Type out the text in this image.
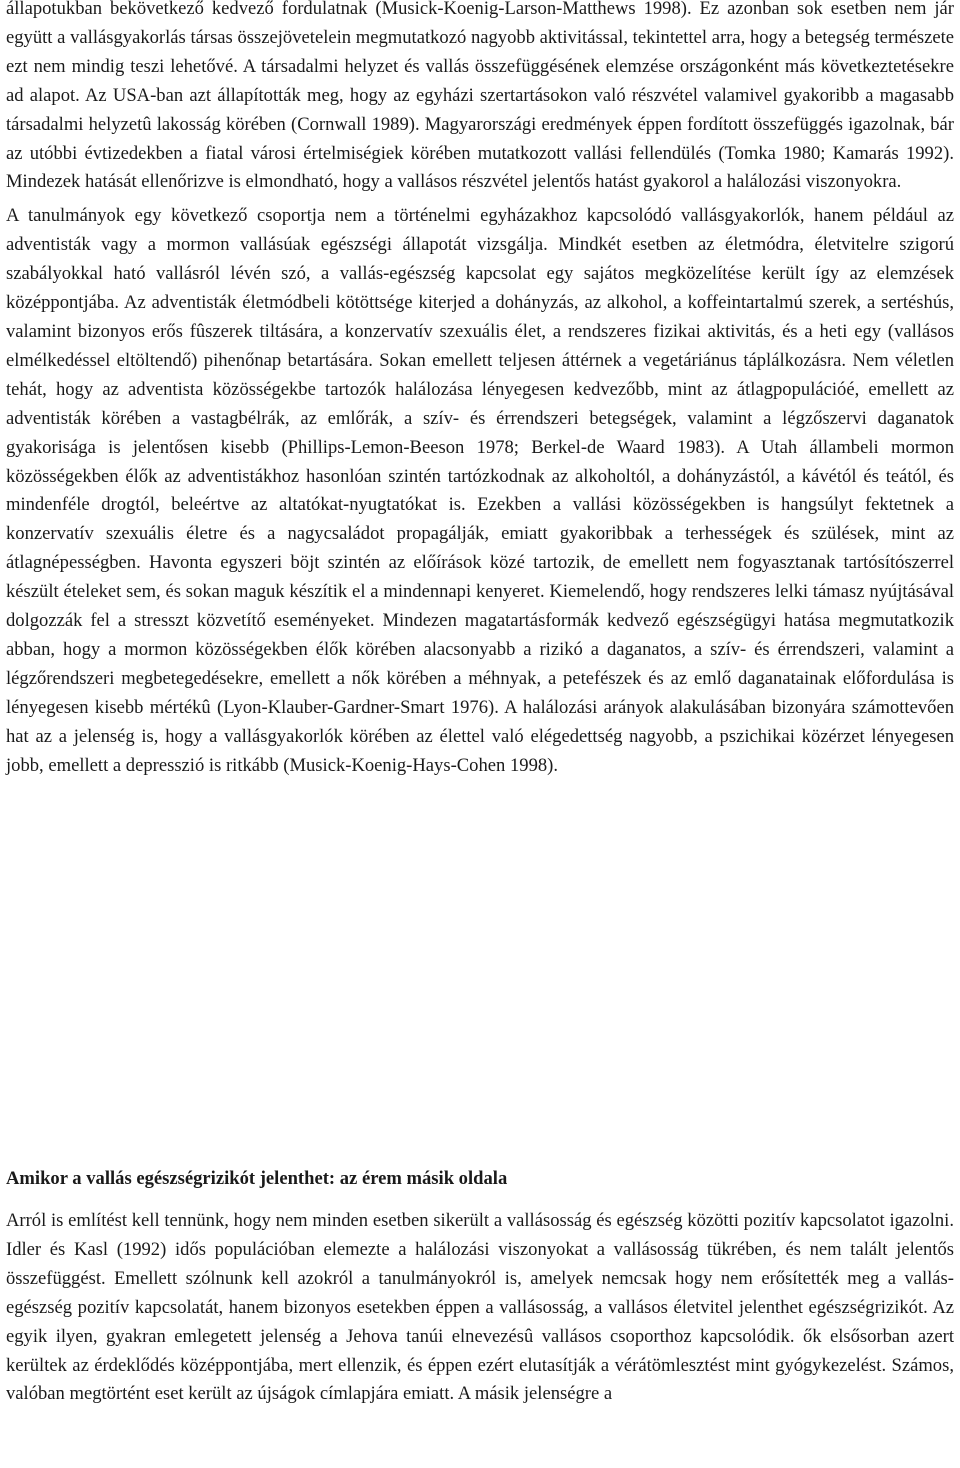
állapotukban bekövetkező kedvező fordulatnak (Musick-Koenig-Larson-Matthews 1998). Ez azonban sok esetben nem jár együtt a vallásgyakorlás társas összejövetelein megmutatkozó nagyobb aktivitással, tekintettel arra, hogy a betegség természete ezt nem mindig teszi lehetővé. A társadalmi helyzet és vallás összefüggésének elemzése országonként más következtetésekre ad alapot. Az USA-ban azt állapították meg, hogy az egyházi szertartásokon való részvétel valamivel gyakoribb a magasabb társadalmi helyzetû lakosság körében (Cornwall 1989). Magyarországi eredmények éppen fordított összefüggés igazolnak, bár az utóbbi évtizedekben a fiatal városi értelmiségiek körében mutatkozott vallási fellendülés (Tomka 1980; Kamarás 1992). Mindezek hatását ellenőrizve is elmondható, hogy a vallásos részvétel jelentős hatást gyakorol a halálozási viszonyokra.

A tanulmányok egy következő csoportja nem a történelmi egyházakhoz kapcsolódó vallásgyakorlók, hanem például az adventisták vagy a mormon vallásúak egészségi állapotát vizsgálja. Mindkét esetben az életmódra, életvitelre szigorú szabályokkal ható vallásról lévén szó, a vallás-egészség kapcsolat egy sajátos megközelítése került így az elemzések középpontjába. Az adventisták életmódbeli kötöttsége kiterjed a dohányzás, az alkohol, a koffeintartalmú szerek, a sertéshús, valamint bizonyos erős fûszerek tiltására, a konzervatív szexuális élet, a rendszeres fizikai aktivitás, és a heti egy (vallásos elmélkedéssel eltöltendő) pihenőnap betartására. Sokan emellett teljesen áttérnek a vegetáriánus táplálkozásra. Nem véletlen tehát, hogy az adventista közösségekbe tartozók halálozása lényegesen kedvezőbb, mint az átlagpopulációé, emellett az adventisták körében a vastagbélrák, az emlőrák, a szív- és érrendszeri betegségek, valamint a légzőszervi daganatok gyakorisága is jelentősen kisebb (Phillips-Lemon-Beeson 1978; Berkel-de Waard 1983). A Utah állambeli mormon közösségekben élők az adventistákhoz hasonlóan szintén tartózkodnak az alkoholtól, a dohányzástól, a kávétól és teától, és mindenféle drogtól, beleértve az altatókat-nyugtatókat is. Ezekben a vallási közösségekben is hangsúlyt fektetnek a konzervatív szexuális életre és a nagycsaládot propagálják, emiatt gyakoribbak a terhességek és szülések, mint az átlagnépességben. Havonta egyszeri böjt szintén az előírások közé tartozik, de emellett nem fogyasztanak tartósítószerrel készült ételeket sem, és sokan maguk készítik el a mindennapi kenyeret. Kiemelendő, hogy rendszeres lelki támasz nyújtásával dolgozzák fel a stresszt közvetítő eseményeket. Mindezen magatartásformák kedvező egészségügyi hatása megmutatkozik abban, hogy a mormon közösségekben élők körében alacsonyabb a rizikó a daganatos, a szív- és érrendszeri, valamint a légzőrendszeri megbetegedésekre, emellett a nők körében a méhnyak, a petefészek és az emlő daganatainak előfordulása is lényegesen kisebb mértékû (Lyon-Klauber-Gardner-Smart 1976). A halálozási arányok alakulásában bizonyára számottevően hat az a jelenség is, hogy a vallásgyakorlók körében az élettel való elégedettség nagyobb, a pszichikai közérzet lényegesen jobb, emellett a depresszió is ritkább (Musick-Koenig-Hays-Cohen 1998).

Amikor a vallás egészségrizikót jelenthet: az érem másik oldala

Arról is említést kell tennünk, hogy nem minden esetben sikerült a vallásosság és egészség közötti pozitív kapcsolatot igazolni. Idler és Kasl (1992) idős populációban elemezte a halálozási viszonyokat a vallásosság tükrében, és nem talált jelentős összefüggést. Emellett szólnunk kell azokról a tanulmányokról is, amelyek nemcsak hogy nem erősítették meg a vallás-egészség pozitív kapcsolatát, hanem bizonyos esetekben éppen a vallásosság, a vallásos életvitel jelenthet egészségrizikót. Az egyik ilyen, gyakran emlegetett jelenség a Jehova tanúi elnevezésû vallásos csoporthoz kapcsolódik. ők elsősorban azert kerültek az érdeklődés középpontjába, mert ellenzik, és éppen ezért elutasítják a vérátömlesztést mint gyógykezelést. Számos, valóban megtörtént eset került az újságok címlapjára emiatt. A másik jelenségre a
